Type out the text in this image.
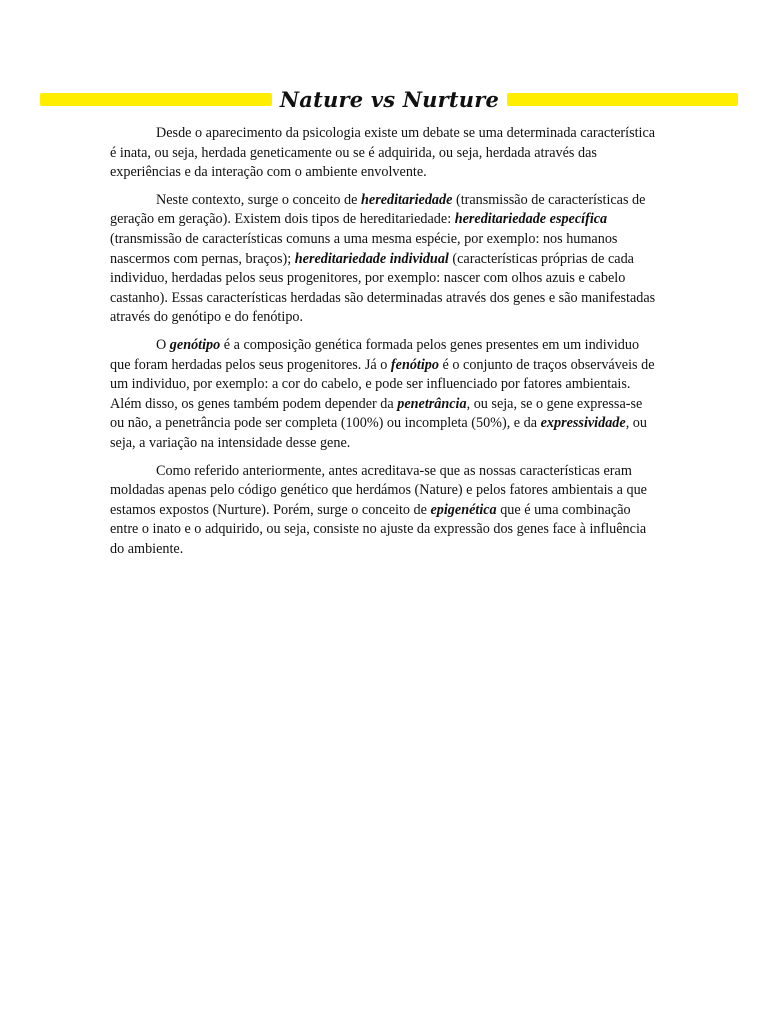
Nature vs Nurture

Desde o aparecimento da psicologia existe um debate se uma determinada característica é inata, ou seja, herdada geneticamente ou se é adquirida, ou seja, herdada através das experiências e da interação com o ambiente envolvente.

Neste contexto, surge o conceito de hereditariedade (transmissão de características de geração em geração). Existem dois tipos de hereditariedade: hereditariedade específica (transmissão de características comuns a uma mesma espécie, por exemplo: nos humanos nascermos com pernas, braços); hereditariedade individual (características próprias de cada individuo, herdadas pelos seus progenitores, por exemplo: nascer com olhos azuis e cabelo castanho). Essas características herdadas são determinadas através dos genes e são manifestadas através do genótipo e do fenótipo.

O genótipo é a composição genética formada pelos genes presentes em um individuo que foram herdadas pelos seus progenitores. Já o fenótipo é o conjunto de traços observáveis de um individuo, por exemplo: a cor do cabelo, e pode ser influenciado por fatores ambientais. Além disso, os genes também podem depender da penetrância, ou seja, se o gene expressa-se ou não, a penetrância pode ser completa (100%) ou incompleta (50%), e da expressividade, ou seja, a variação na intensidade desse gene.

Como referido anteriormente, antes acreditava-se que as nossas características eram moldadas apenas pelo código genético que herdámos (Nature) e pelos fatores ambientais a que estamos expostos (Nurture). Porém, surge o conceito de epigenética que é uma combinação entre o inato e o adquirido, ou seja, consiste no ajuste da expressão dos genes face à influência do ambiente.
